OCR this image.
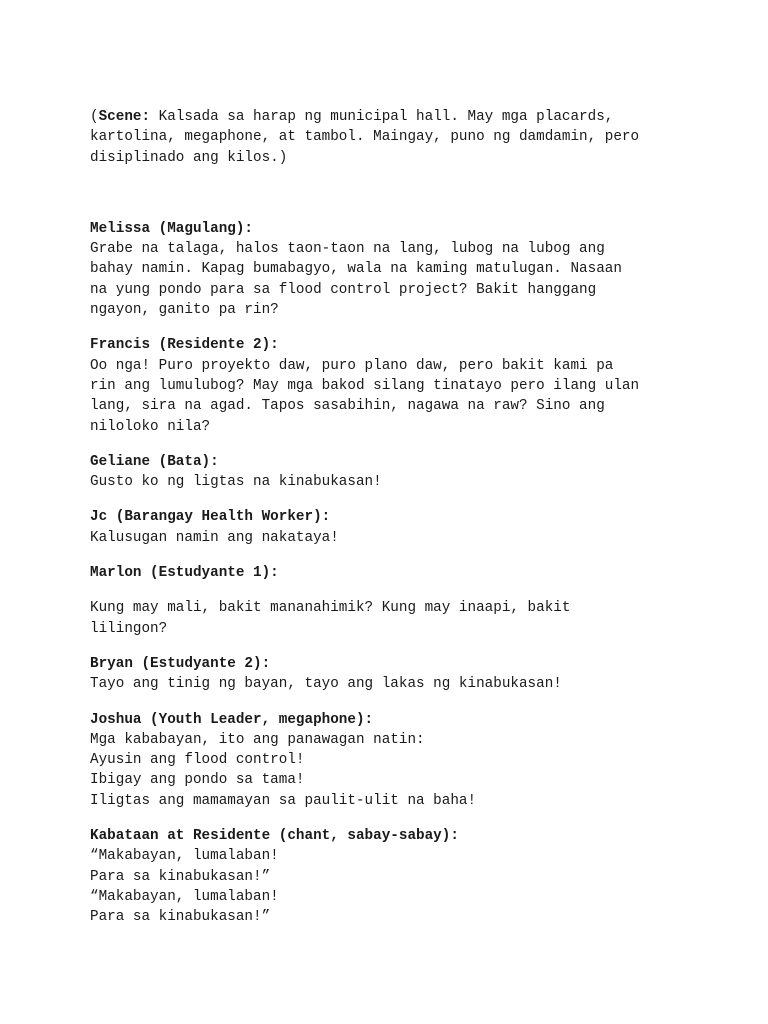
(Scene: Kalsada sa harap ng municipal hall. May mga placards,

kartolina, megaphone, at tambol. Maingay, puno ng damdamin, pero

disiplinado ang kilos.)

Melissa (Magulang):

Grabe na talaga, halos taon-taon na lang, lubog na lubog ang

bahay namin. Kapag bumabagyo, wala na kaming matulugan. Nasaan

na yung pondo para sa flood control project? Bakit hanggang

ngayon, ganito pa rin?

Francis (Residente 2):

Oo nga! Puro proyekto daw, puro plano daw, pero bakit kami pa

rin ang lumulubog? May mga bakod silang tinatayo pero ilang ulan

lang, sira na agad. Tapos sasabihin, nagawa na raw? Sino ang

niloloko nila?

Geliane (Bata):

Gusto ko ng ligtas na kinabukasan!

Jc (Barangay Health Worker):

Kalusugan namin ang nakataya!

Marlon (Estudyante 1):

Kung may mali, bakit mananahimik? Kung may inaapi, bakit

lilingon?

Bryan (Estudyante 2):

Tayo ang tinig ng bayan, tayo ang lakas ng kinabukasan!

Joshua (Youth Leader, megaphone):

Mga kababayan, ito ang panawagan natin:

Ayusin ang flood control!

Ibigay ang pondo sa tama!

Iligtas ang mamamayan sa paulit-ulit na baha!

Kabataan at Residente (chant, sabay-sabay):

“Makabayan, lumalaban!

Para sa kinabukasan!”

“Makabayan, lumalaban!

Para sa kinabukasan!”
